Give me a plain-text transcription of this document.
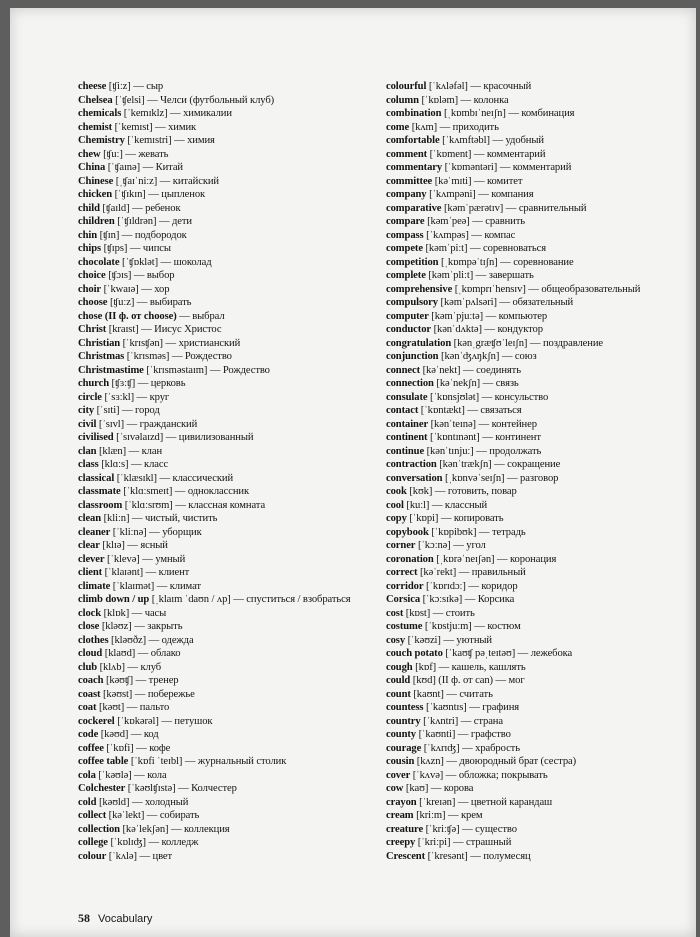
cheese [ʧiːz] — сыр
Chelsea [ˈʧelsi] — Челси (футбольный клуб)
chemicals [ˈkemɪklz] — химикалии
chemist [ˈkemɪst] — химик
Chemistry [ˈkemɪstri] — химия
chew [ʧuː] — жевать
China [ˈʧaɪnə] — Китай
Chinese [ˌʧaɪˈniːz] — китайский
chicken [ˈʧɪkɪn] — цыпленок
child [ʧaɪld] — ребенок
children [ˈʧɪldrən] — дети
chin [ʧɪn] — подбородок
chips [ʧɪps] — чипсы
chocolate [ˈʧɒklət] — шоколад
choice [ʧɔɪs] — выбор
choir [ˈkwaɪə] — хор
choose [ʧuːz] — выбирать
chose (II ф. от choose) — выбрал
Christ [kraɪst] — Иисус Христос
Christian [ˈkrɪsʧən] — христианский
Christmas [ˈkrɪsməs] — Рождество
Christmastime [ˈkrɪsməstaɪm] — Рождество
church [ʧɜːʧ] — церковь
circle [ˈsɜːkl] — круг
city [ˈsɪti] — город
civil [ˈsɪvl] — гражданский
civilised [ˈsɪvəlaɪzd] — цивилизованный
clan [klæn] — клан
class [klɑːs] — класс
classical [ˈklæsɪkl] — классический
classmate [ˈklɑːsmeɪt] — одноклассник
classroom [ˈklɑːsrʊm] — классная комната
clean [kliːn] — чистый, чистить
cleaner [ˈkliːnə] — уборщик
clear [klɪə] — ясный
clever [ˈklevə] — умный
client [ˈklaɪənt] — клиент
climate [ˈklaɪmət] — климат
climb down / up [ˌklaɪm ˈdaʊn / ʌp] — спуститься / взобраться
clock [klɒk] — часы
close [kləʊz] — закрыть
clothes [kləʊðz] — одежда
cloud [klaʊd] — облако
club [klʌb] — клуб
coach [kəʊʧ] — тренер
coast [kəʊst] — побережье
coat [kəʊt] — пальто
cockerel [ˈkɒkərəl] — петушок
code [kəʊd] — код
coffee [ˈkɒfi] — кофе
coffee table [ˈkɒfi ˈteɪbl] — журнальный столик
cola [ˈkəʊlə] — кола
Colchester [ˈkəʊlʧɪstə] — Колчестер
cold [kəʊld] — холодный
collect [kəˈlekt] — собирать
collection [kəˈlekʃən] — коллекция
college [ˈkɒlɪʤ] — колледж
colour [ˈkʌlə] — цвет
colourful [ˈkʌləfəl] — красочный
column [ˈkɒləm] — колонка
combination [ˌkɒmbɪˈneɪʃn] — комбинация
come [kʌm] — приходить
comfortable [ˈkʌmftəbl] — удобный
comment [ˈkɒment] — комментарий
commentary [ˈkɒməntəri] — комментарий
committee [kəˈmɪti] — комитет
company [ˈkʌmpəni] — компания
comparative [kəmˈpærətɪv] — сравнительный
compare [kəmˈpeə] — сравнить
compass [ˈkʌmpəs] — компас
compete [kəmˈpiːt] — соревноваться
competition [ˌkɒmpəˈtɪʃn] — соревнование
complete [kəmˈpliːt] — завершать
comprehensive [ˌkɒmprɪˈhensɪv] — общеобразовательный
compulsory [kəmˈpʌlsəri] — обязательный
computer [kəmˈpjuːtə] — компьютер
conductor [kənˈdʌktə] — кондуктор
congratulation [kənˌgræʧʊˈleɪʃn] — поздравление
conjunction [kənˈʤʌŋkʃn] — союз
connect [kəˈnekt] — соединять
connection [kəˈnekʃn] — связь
consulate [ˈkɒnsjʊlət] — консульство
contact [ˈkɒntækt] — связаться
container [kənˈteɪnə] — контейнер
continent [ˈkɒntɪnənt] — континент
continue [kənˈtɪnjuː] — продолжать
contraction [kənˈtrækʃn] — сокращение
conversation [ˌkɒnvəˈseɪʃn] — разговор
cook [kʊk] — готовить, повар
cool [kuːl] — классный
copy [ˈkɒpi] — копировать
copybook [ˈkɒpibʊk] — тетрадь
corner [ˈkɔːnə] — угол
coronation [ˌkɒrəˈneɪʃən] — коронация
correct [kəˈrekt] — правильный
corridor [ˈkɒrɪdɔː] — коридор
Corsica [ˈkɔːsɪkə] — Корсика
cost [kɒst] — стоить
costume [ˈkɒstjuːm] — костюм
cosy [ˈkəʊzi] — уютный
couch potato [ˈkaʊʧ pəˌteɪtəʊ] — лежебока
cough [kɒf] — кашель, кашлять
could [kʊd] (II ф. от can) — мог
count [kaʊnt] — считать
countess [ˈkaʊntɪs] — графиня
country [ˈkʌntri] — страна
county [ˈkaʊnti] — графство
courage [ˈkʌrɪʤ] — храбрость
cousin [kʌzn] — двоюродный брат (сестра)
cover [ˈkʌvə] — обложка; покрывать
cow [kaʊ] — корова
crayon [ˈkreɪən] — цветной карандаш
cream [kriːm] — крем
creature [ˈkriːʧə] — существо
creepy [ˈkriːpi] — страшный
Crescent [ˈkresənt] — полумесяц
58 Vocabulary
